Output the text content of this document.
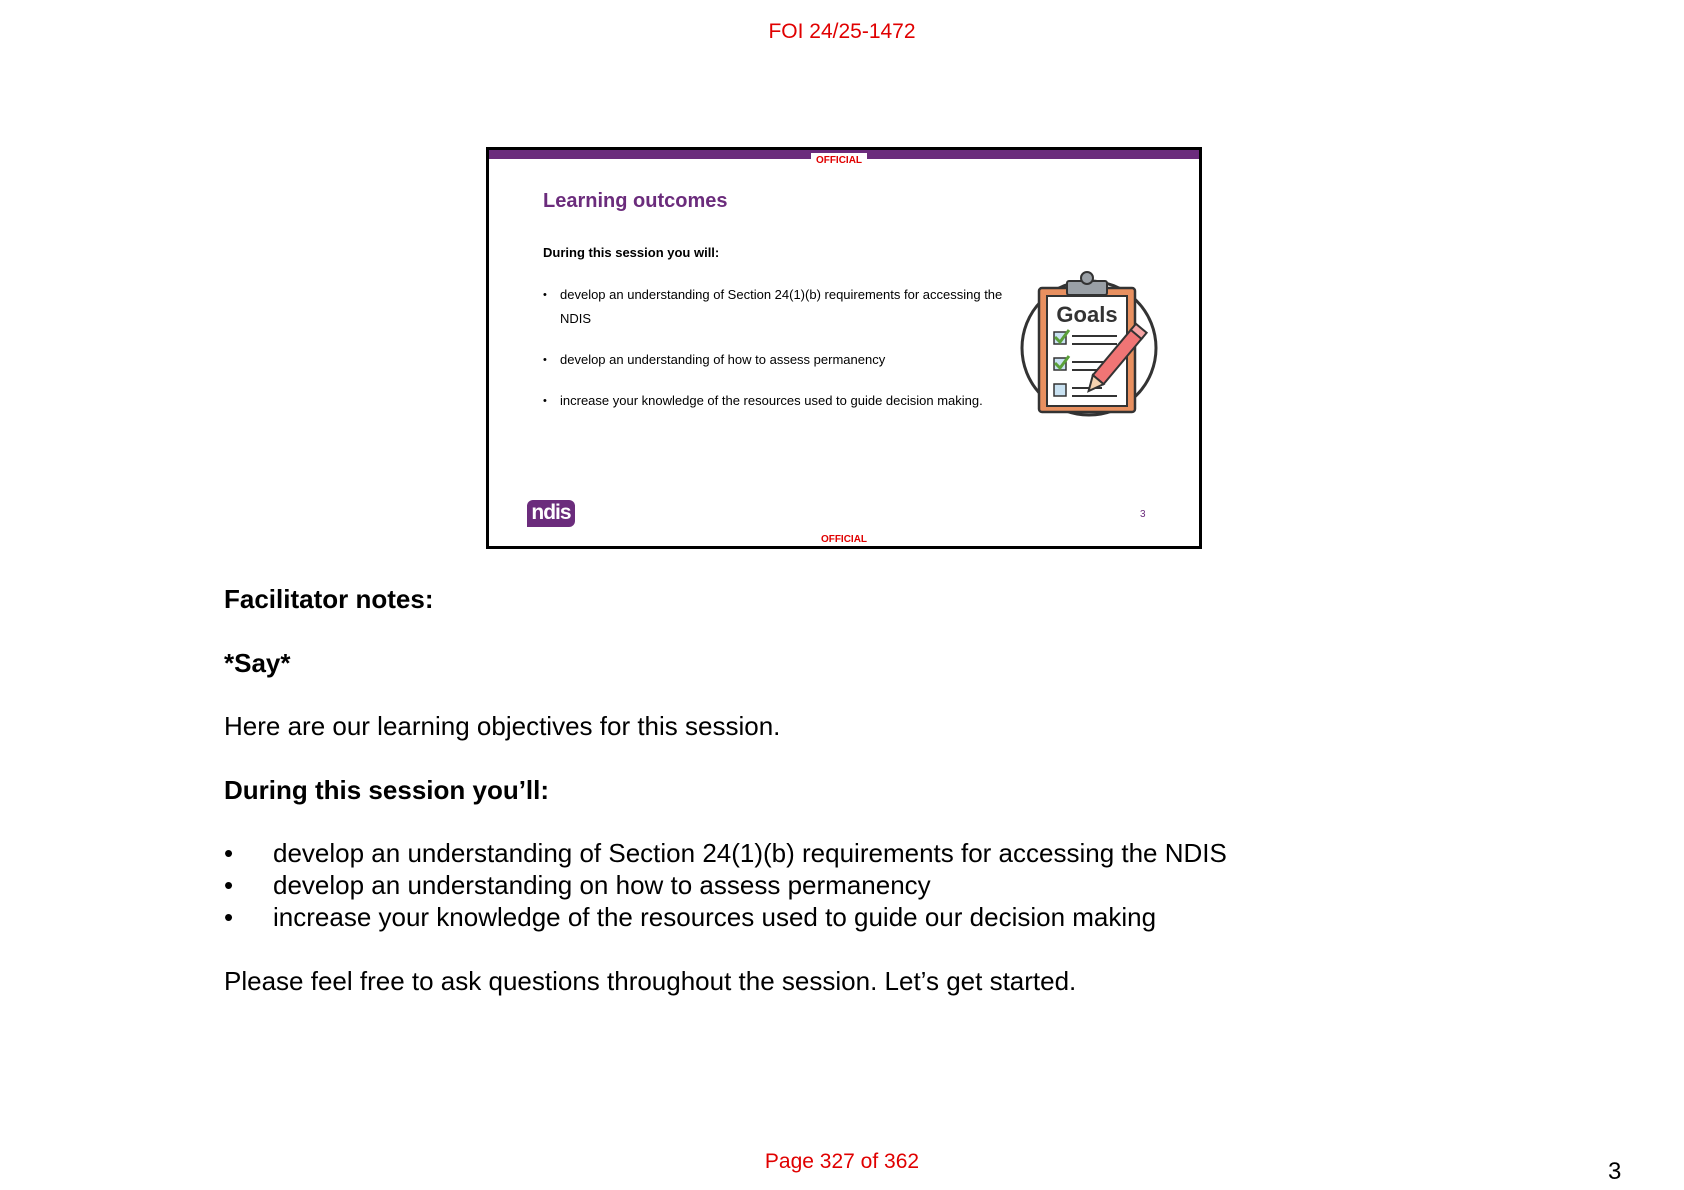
FOI 24/25-1472
OFFICIAL
Learning outcomes
During this session you will:
• develop an understanding of Section 24(1)(b) requirements for accessing the NDIS
• develop an understanding of how to assess permanency
• increase your knowledge of the resources used to guide decision making.
Goals
ndis	3
OFFICIAL
Facilitator notes:
*Say*
Here are our learning objectives for this session.
During this session you’ll:
• develop an understanding of Section 24(1)(b) requirements for accessing the NDIS
• develop an understanding on how to assess permanency
• increase your knowledge of the resources used to guide our decision making
Please feel free to ask questions throughout the session. Let’s get started.
Page 327 of 362	3
